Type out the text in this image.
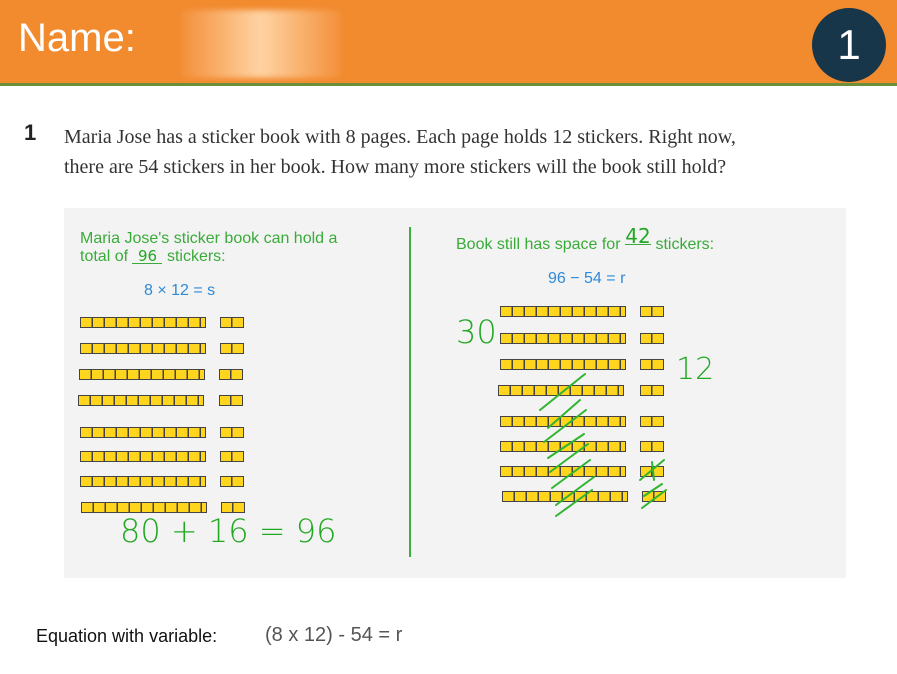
Name:	1
1 Maria Jose has a sticker book with 8 pages. Each page holds 12 stickers. Right now,
there are 54 stickers in her book. How many more stickers will the book still hold?
Maria Jose's sticker book can hold a
total of 96 stickers:
8 × 12 = s
80 + 16 = 96
Book still has space for 42 stickers:
96 − 54 = r
30
12
Equation with variable: (8 x 12) - 54 = r
